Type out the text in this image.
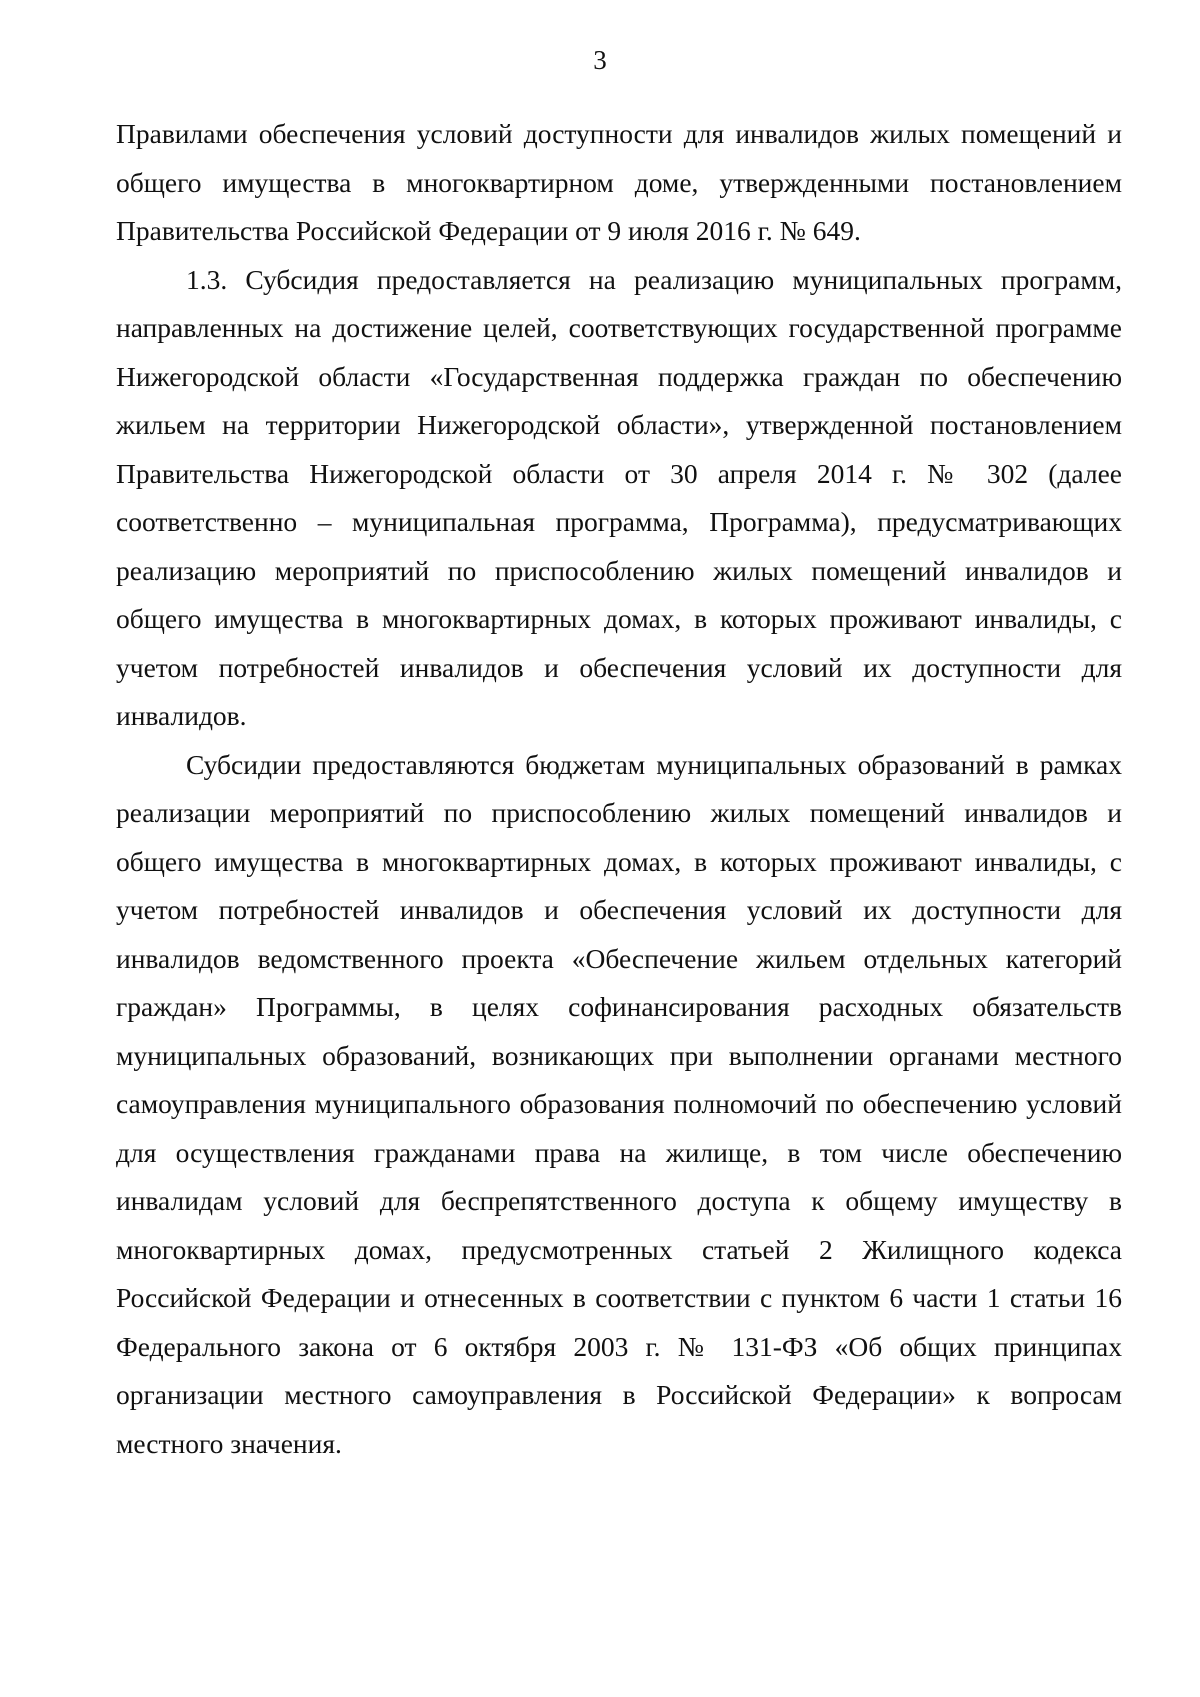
3

Правилами обеспечения условий доступности для инвалидов жилых помещений и общего имущества в многоквартирном доме, утвержденными постановлением Правительства Российской Федерации от 9 июля 2016 г. № 649.

1.3. Субсидия предоставляется на реализацию муниципальных программ, направленных на достижение целей, соответствующих государственной программе Нижегородской области «Государственная поддержка граждан по обеспечению жильем на территории Нижегородской области», утвержденной постановлением Правительства Нижегородской области от 30 апреля 2014 г. № 302 (далее соответственно – муниципальная программа, Программа), предусматривающих реализацию мероприятий по приспособлению жилых помещений инвалидов и общего имущества в многоквартирных домах, в которых проживают инвалиды, с учетом потребностей инвалидов и обеспечения условий их доступности для инвалидов.

Субсидии предоставляются бюджетам муниципальных образований в рамках реализации мероприятий по приспособлению жилых помещений инвалидов и общего имущества в многоквартирных домах, в которых проживают инвалиды, с учетом потребностей инвалидов и обеспечения условий их доступности для инвалидов ведомственного проекта «Обеспечение жильем отдельных категорий граждан» Программы, в целях софинансирования расходных обязательств муниципальных образований, возникающих при выполнении органами местного самоуправления муниципального образования полномочий по обеспечению условий для осуществления гражданами права на жилище, в том числе обеспечению инвалидам условий для беспрепятственного доступа к общему имуществу в многоквартирных домах, предусмотренных статьей 2 Жилищного кодекса Российской Федерации и отнесенных в соответствии с пунктом 6 части 1 статьи 16 Федерального закона от 6 октября 2003 г. № 131-ФЗ «Об общих принципах организации местного самоуправления в Российской Федерации» к вопросам местного значения.
